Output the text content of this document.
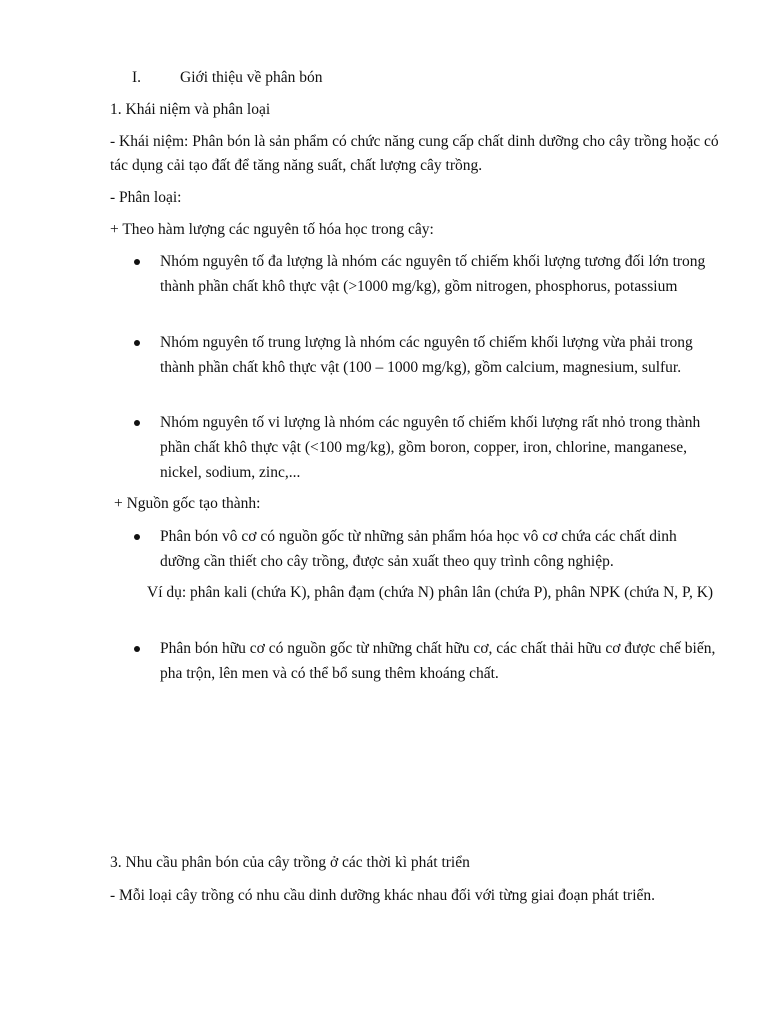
I.	Giới thiệu về phân bón
1. Khái niệm và phân loại
- Khái niệm: Phân bón là sản phẩm có chức năng cung cấp chất dinh dưỡng cho cây trồng hoặc có tác dụng cải tạo đất để tăng năng suất, chất lượng cây trồng.
- Phân loại:
+ Theo hàm lượng các nguyên tố hóa học trong cây:
Nhóm nguyên tố đa lượng là nhóm các nguyên tố chiếm khối lượng tương đối lớn trong thành phần chất khô thực vật (>1000 mg/kg), gồm nitrogen, phosphorus, potassium
Nhóm nguyên tố trung lượng là nhóm các nguyên tố chiếm khối lượng vừa phải trong thành phần chất khô thực vật (100 – 1000 mg/kg), gồm calcium, magnesium, sulfur.
Nhóm nguyên tố vi lượng là nhóm các nguyên tố chiếm khối lượng rất nhỏ trong thành phần chất khô thực vật (<100 mg/kg), gồm boron, copper, iron, chlorine, manganese, nickel, sodium, zinc,...
+ Nguồn gốc tạo thành:
Phân bón vô cơ có nguồn gốc từ những sản phẩm hóa học vô cơ chứa các chất dinh dưỡng cần thiết cho cây trồng, được sản xuất theo quy trình công nghiệp.
Ví dụ: phân kali (chứa K), phân đạm (chứa N) phân lân (chứa P), phân NPK (chứa N, P, K)
Phân bón hữu cơ có nguồn gốc từ những chất hữu cơ, các chất thải hữu cơ được chế biến, pha trộn, lên men và có thể bổ sung thêm khoáng chất.
3. Nhu cầu phân bón của cây trồng ở các thời kì phát triển
- Mỗi loại cây trồng có nhu cầu dinh dưỡng khác nhau đối với từng giai đoạn phát triển.
